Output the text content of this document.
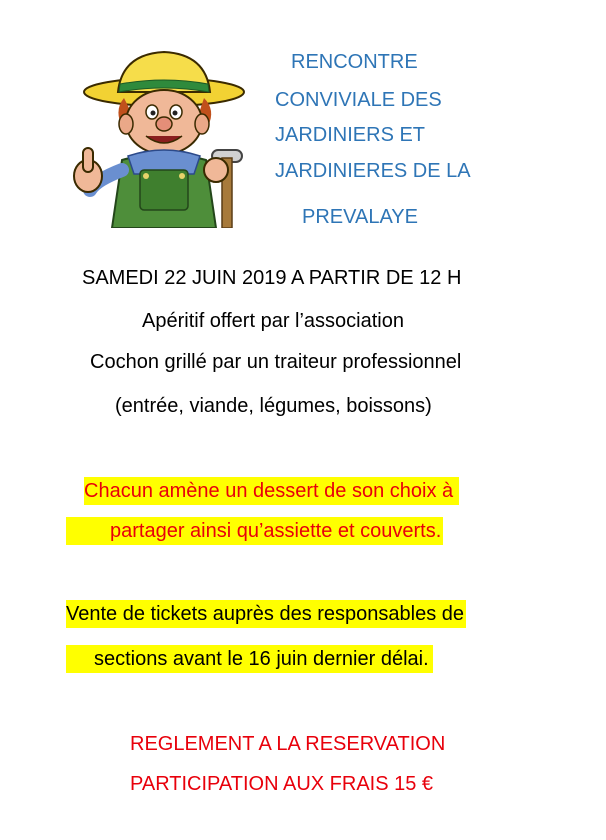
RENCONTRE
CONVIVIALE DES
JARDINIERS ET
JARDINIERES DE LA
PREVALAYE
SAMEDI 22 JUIN 2019 A PARTIR DE 12 H
Apéritif offert par l’association
Cochon grillé par un traiteur professionnel
(entrée, viande, légumes, boissons)
Chacun amène un dessert de son choix à
partager ainsi qu’assiette et couverts.
Vente de tickets auprès des responsables de
sections avant le 16 juin dernier délai.
REGLEMENT A LA RESERVATION
PARTICIPATION AUX FRAIS 15 €
